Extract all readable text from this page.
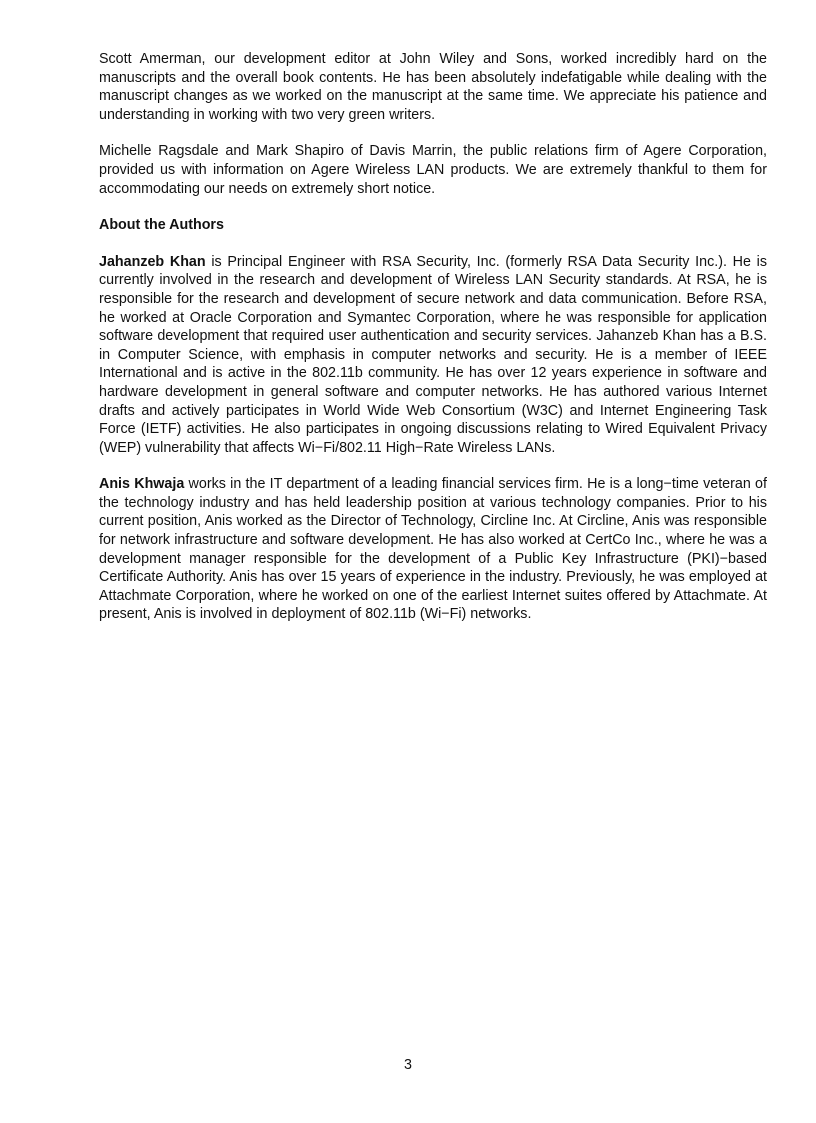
Scott Amerman, our development editor at John Wiley and Sons, worked incredibly hard on the manuscripts and the overall book contents. He has been absolutely indefatigable while dealing with the manuscript changes as we worked on the manuscript at the same time. We appreciate his patience and understanding in working with two very green writers.

Michelle Ragsdale and Mark Shapiro of Davis Marrin, the public relations firm of Agere Corporation, provided us with information on Agere Wireless LAN products. We are extremely thankful to them for accommodating our needs on extremely short notice.

About the Authors

Jahanzeb Khan is Principal Engineer with RSA Security, Inc. (formerly RSA Data Security Inc.). He is currently involved in the research and development of Wireless LAN Security standards. At RSA, he is responsible for the research and development of secure network and data communication. Before RSA, he worked at Oracle Corporation and Symantec Corporation, where he was responsible for application software development that required user authentication and security services. Jahanzeb Khan has a B.S. in Computer Science, with emphasis in computer networks and security. He is a member of IEEE International and is active in the 802.11b community. He has over 12 years experience in software and hardware development in general software and computer networks. He has authored various Internet drafts and actively participates in World Wide Web Consortium (W3C) and Internet Engineering Task Force (IETF) activities. He also participates in ongoing discussions relating to Wired Equivalent Privacy (WEP) vulnerability that affects Wi−Fi/802.11 High−Rate Wireless LANs.

Anis Khwaja works in the IT department of a leading financial services firm. He is a long−time veteran of the technology industry and has held leadership position at various technology companies. Prior to his current position, Anis worked as the Director of Technology, Circline Inc. At Circline, Anis was responsible for network infrastructure and software development. He has also worked at CertCo Inc., where he was a development manager responsible for the development of a Public Key Infrastructure (PKI)−based Certificate Authority. Anis has over 15 years of experience in the industry. Previously, he was employed at Attachmate Corporation, where he worked on one of the earliest Internet suites offered by Attachmate. At present, Anis is involved in deployment of 802.11b (Wi−Fi) networks.

3
